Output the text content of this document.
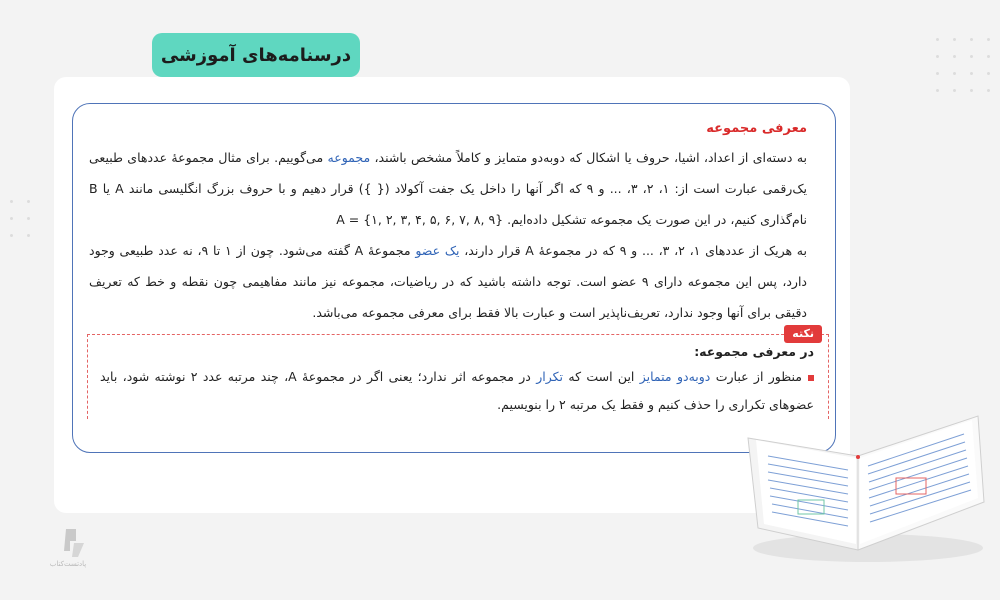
درسنامه‌های آموزشی
معرفی مجموعه

به دسته‌ای از اعداد، اشیا، حروف یا اشکال که دوبه‌دو متمایز و کاملاً مشخص باشند، مجموعه می‌گوییم. برای مثال مجموعهٔ عددهای طبیعی یک‌رقمی عبارت است از: ۱، ۲، ۳، ... و ۹ که اگر آنها را داخل یک جفت آکولاد ({ }) قرار دهیم و با حروف بزرگ انگلیسی مانند A یا B نام‌گذاری کنیم، در این صورت یک مجموعه تشکیل داده‌ایم. A = {۱, ۲, ۳, ۴, ۵, ۶, ۷, ۸, ۹}

به هریک از عددهای ۱، ۲، ۳، ... و ۹ که در مجموعهٔ A قرار دارند، یک عضو مجموعهٔ A گفته می‌شود. چون از ۱ تا ۹، نه عدد طبیعی وجود دارد، پس این مجموعه دارای ۹ عضو است. توجه داشته باشید که در ریاضیات، مجموعه نیز مانند مفاهیمی چون نقطه و خط که تعریف دقیقی برای آنها وجود ندارد، تعریف‌ناپذیر است و عبارت بالا فقط برای معرفی مجموعه می‌باشد.

نکته
در معرفی مجموعه:
منظور از عبارت دوبه‌دو متمایز این است که تکرار در مجموعه اثر ندارد؛ یعنی اگر در مجموعهٔ A، چند مرتبه عدد ۲ نوشته شود، باید عضوهای تکراری را حذف کنیم و فقط یک مرتبه ۲ را بنویسیم.
پادتست‌کتاب
